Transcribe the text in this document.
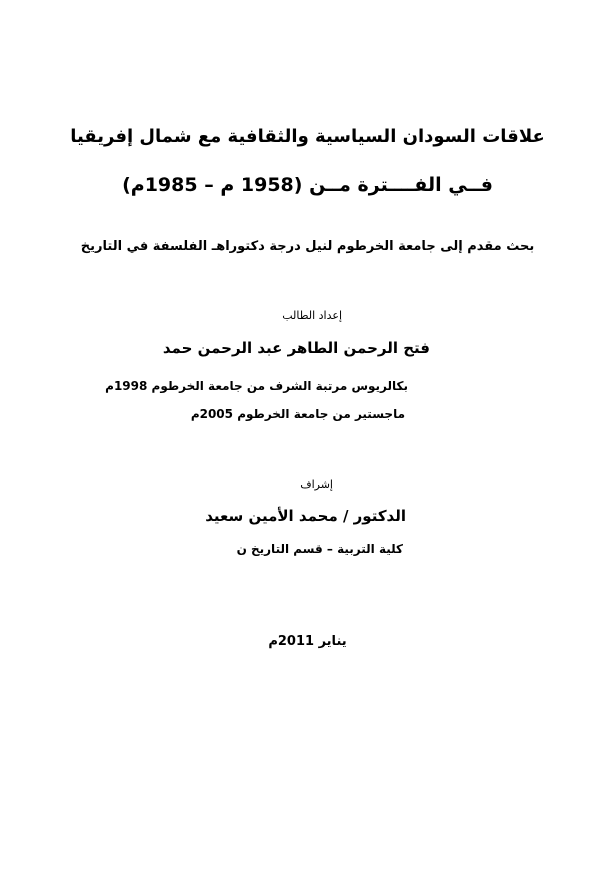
علاقات السودان السياسية والثقافية مع شمال إفريقيا
فــي الفــــترة مــن (1958 م – 1985م)
بحث مقدم إلى جامعة الخرطوم لنيل درجة دكتوراهـ الفلسفة في التاريخ
إعداد الطالب
فتح الرحمن الطاهر عبد الرحمن حمد
بكالريوس مرتبة الشرف من جامعة الخرطوم 1998م
ماجستير من جامعة الخرطوم 2005م
إشراف
الدكتور / محمد الأمين سعيد
كلية التربية – قسم التاريخ ن
يناير 2011م
